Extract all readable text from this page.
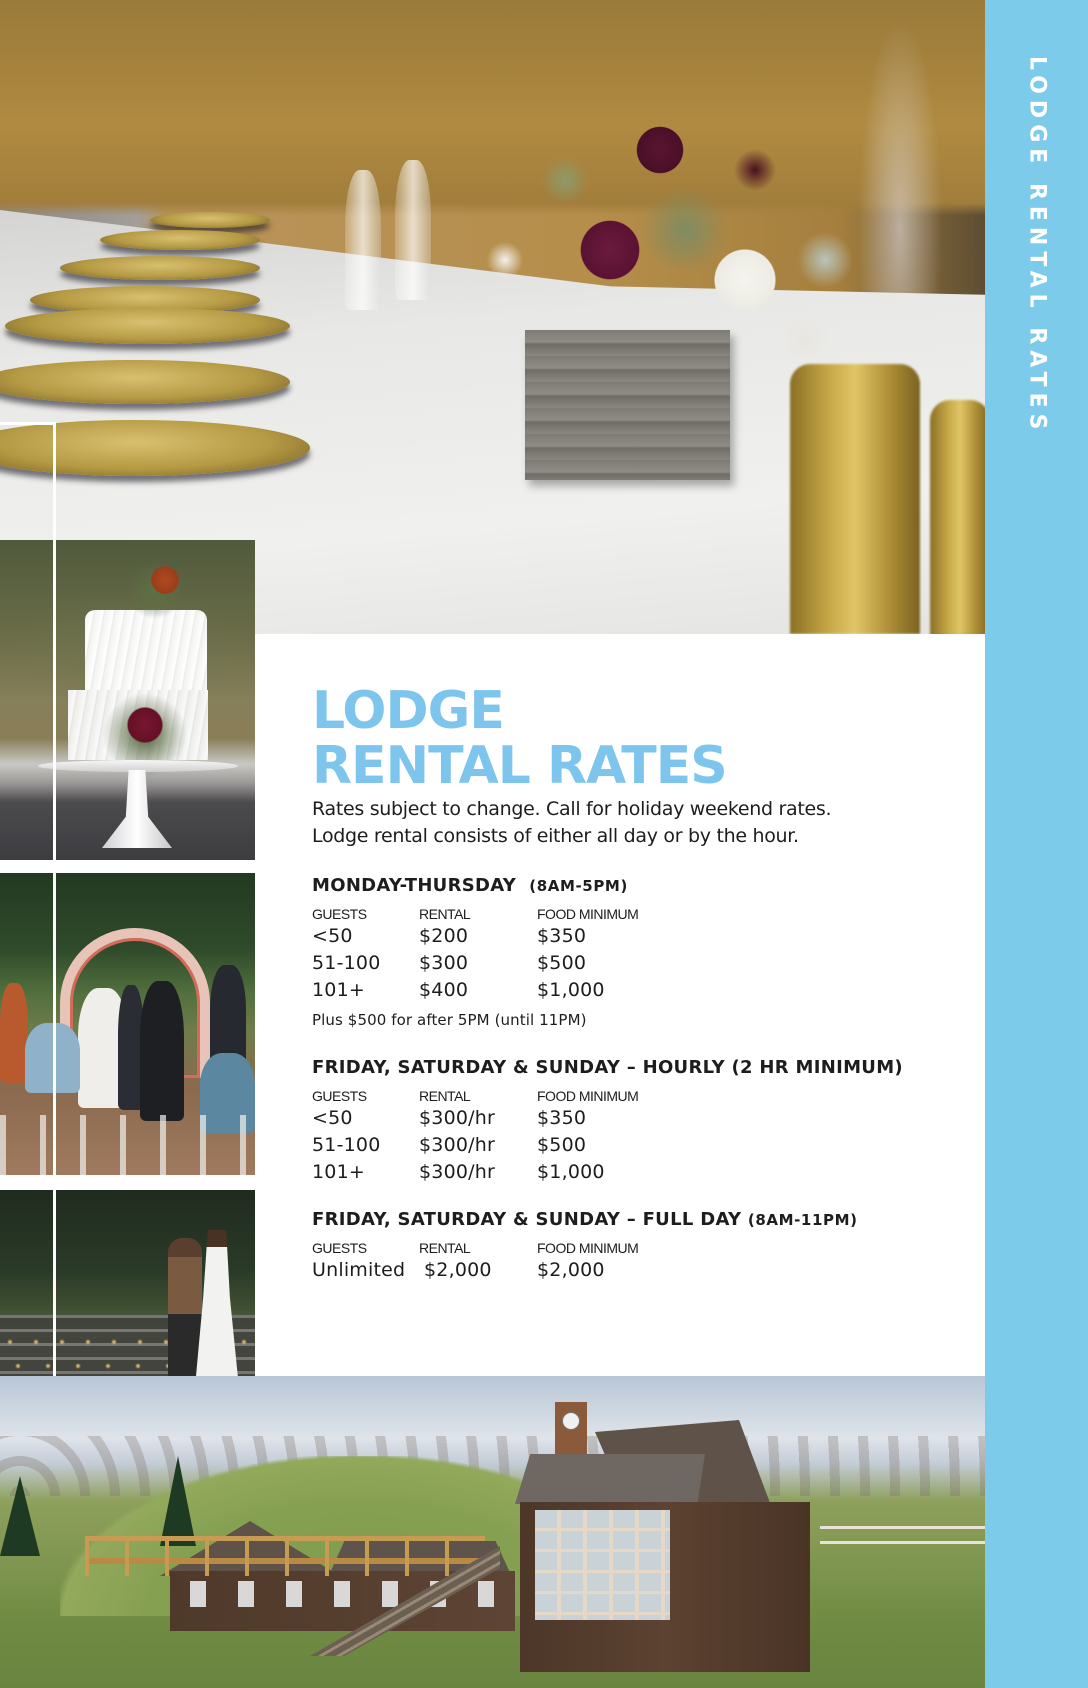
LODGE
RENTAL RATES
Rates subject to change. Call for holiday weekend rates.
Lodge rental consists of either all day or by the hour.
MONDAY-THURSDAY (8AM-5PM)
GUESTS	RENTAL	FOOD MINIMUM
<50	$200	$350
51-100	$300	$500
101+	$400	$1,000
Plus $500 for after 5PM (until 11PM)
FRIDAY, SATURDAY & SUNDAY – HOURLY (2 HR MINIMUM)
GUESTS	RENTAL	FOOD MINIMUM
<50	$300/hr	$350
51-100	$300/hr	$500
101+	$300/hr	$1,000
FRIDAY, SATURDAY & SUNDAY – FULL DAY (8AM-11PM)
GUESTS	RENTAL	FOOD MINIMUM
Unlimited	$2,000	$2,000
LODGE RENTAL RATES
